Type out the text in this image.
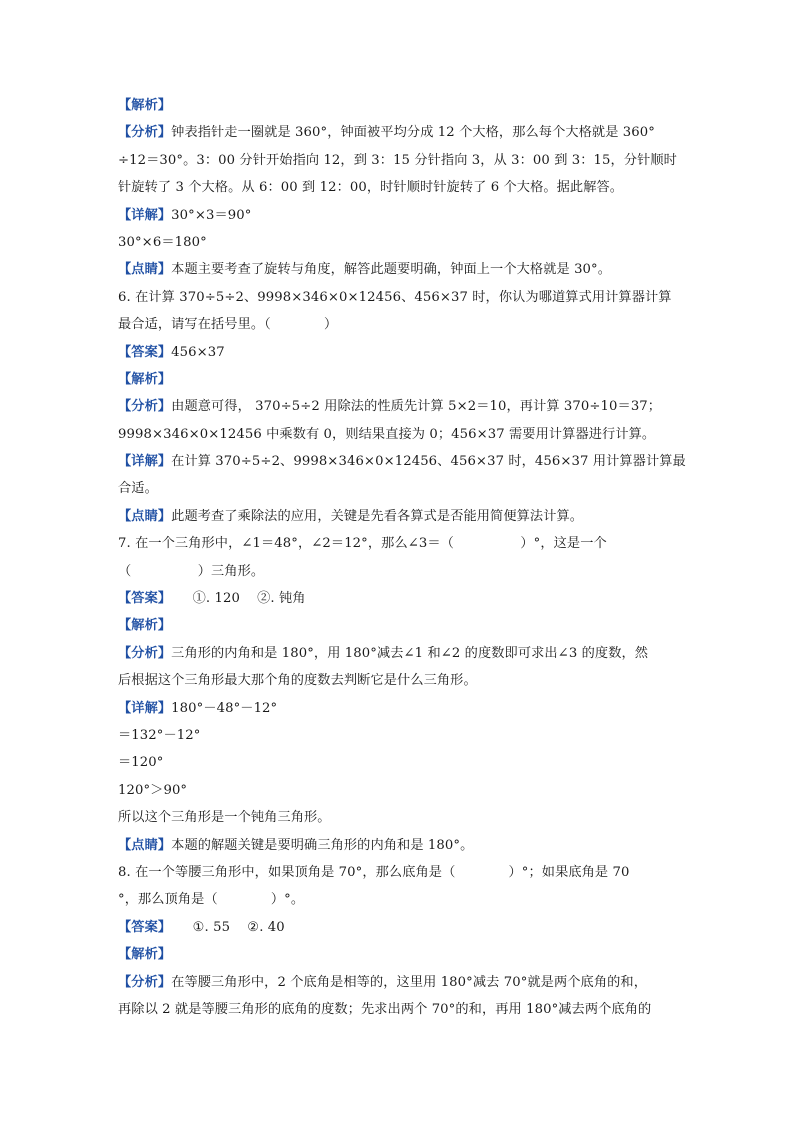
【解析】
【分析】钟表指针走一圈就是 360°，钟面被平均分成 12 个大格，那么每个大格就是 360°
÷12＝30°。3：00 分针开始指向 12，到 3：15 分针指向 3，从 3：00 到 3：15，分针顺时
针旋转了 3 个大格。从 6：00 到 12：00，时针顺时针旋转了 6 个大格。据此解答。
【详解】30°×3＝90°
30°×6＝180°
【点睛】本题主要考查了旋转与角度，解答此题要明确，钟面上一个大格就是 30°。
6. 在计算 370÷5÷2、9998×346×0×12456、456×37 时，你认为哪道算式用计算器计算
最合适，请写在括号里。（　　　　）
【答案】456×37
【解析】
【分析】由题意可得， 370÷5÷2 用除法的性质先计算 5×2＝10，再计算 370÷10＝37；
9998×346×0×12456 中乘数有 0，则结果直接为 0；456×37 需要用计算器进行计算。
【详解】在计算 370÷5÷2、9998×346×0×12456、456×37 时，456×37 用计算器计算最
合适。
【点睛】此题考查了乘除法的应用，关键是先看各算式是否能用简便算法计算。
7. 在一个三角形中，∠1＝48°，∠2＝12°，那么∠3＝（　　　　　）°，这是一个
（　　　　　）三角形。
【答案】     ①. 120    ②. 钝角
【解析】
【分析】三角形的内角和是 180°，用 180°减去∠1 和∠2 的度数即可求出∠3 的度数，然
后根据这个三角形最大那个角的度数去判断它是什么三角形。
【详解】180°－48°－12°
＝132°－12°
＝120°
120°＞90°
所以这个三角形是一个钝角三角形。
【点睛】本题的解题关键是要明确三角形的内角和是 180°。
8. 在一个等腰三角形中，如果顶角是 70°，那么底角是（　　　　）°；如果底角是 70
°，那么顶角是（　　　　）°。
【答案】     ①. 55    ②. 40
【解析】
【分析】在等腰三角形中，2 个底角是相等的，这里用 180°减去 70°就是两个底角的和，
再除以 2 就是等腰三角形的底角的度数；先求出两个 70°的和，再用 180°减去两个底角的
